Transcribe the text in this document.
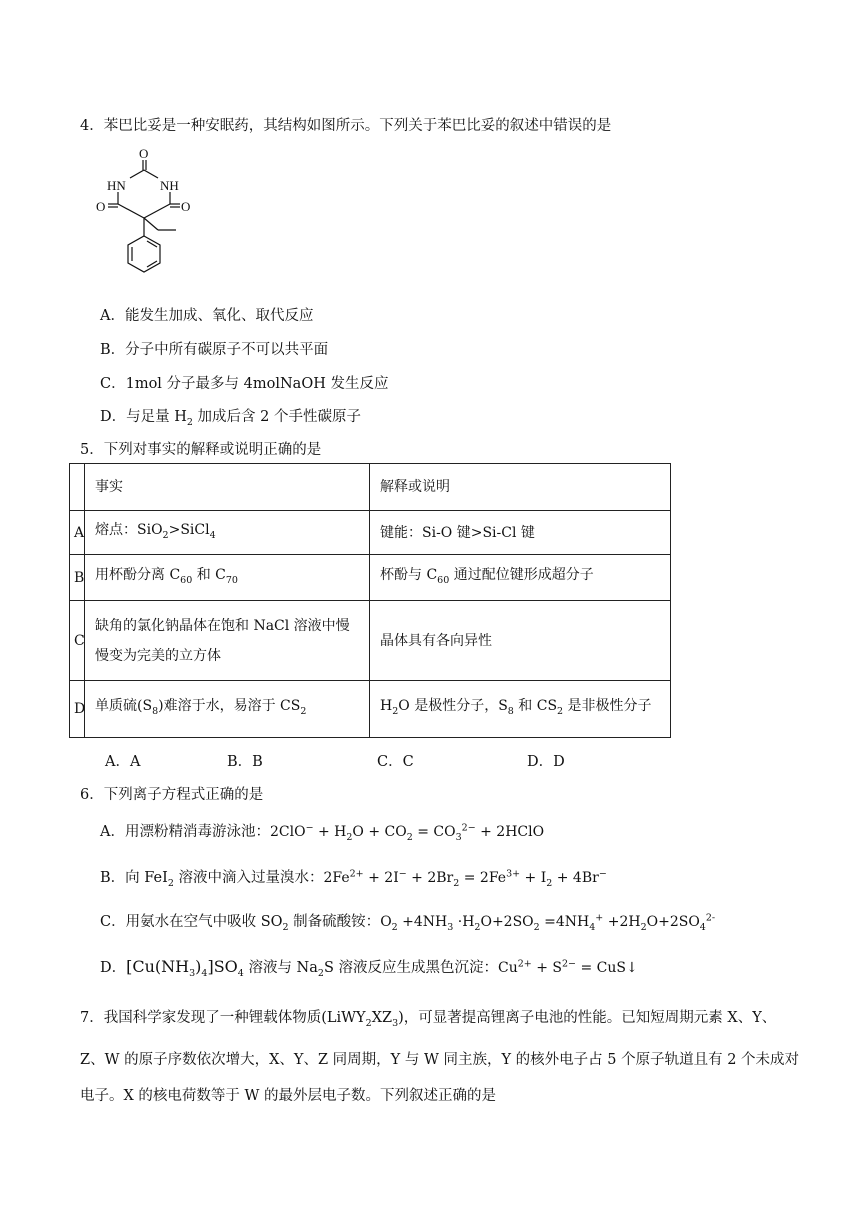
4．苯巴比妥是一种安眠药，其结构如图所示。下列关于苯巴比妥的叙述中错误的是
O
HN	NH
O	O
A．能发生加成、氧化、取代反应
B．分子中所有碳原子不可以共平面
C．1mol 分子最多与 4molNaOH 发生反应
D．与足量 $H_2$ 加成后含 2 个手性碳原子
5．下列对事实的解释或说明正确的是
	事实	解释或说明
A	熔点：SiO$_2$>SiCl$_4$	键能：Si-O 键>Si-Cl 键
B	用杯酚分离 $C_{60}$ 和 $C_{70}$	杯酚与 $C_{60}$ 通过配位键形成超分子
C	缺角的氯化钠晶体在饱和 NaCl 溶液中慢慢变为完美的立方体	晶体具有各向异性
D	单质硫$(S_8)$难溶于水，易溶于 $CS_2$	$H_2O$ 是极性分子，$S_8$ 和 $CS_2$ 是非极性分子
A．A	B．B	C．C	D．D
6．下列离子方程式正确的是
A．用漂粉精消毒游泳池：$2ClO^- + H_2O + CO_2 = CO_3^{2-}$ + 2HClO
B．向 FeI$_2$ 溶液中滴入过量溴水：$2Fe^{2+} + 2I^- + 2Br_2 = 2Fe^{3+} + I_2 + 4Br^-$
C．用氨水在空气中吸收 $SO_2$ 制备硫酸铵：$O_2 +4NH_3 \cdot H_2O+2SO_2 =4NH_4^+ +2H_2O+2SO_4^{2-}$
D．$[Cu(NH_3)_4]SO_4$ 溶液与 $Na_2S$ 溶液反应生成黑色沉淀：$Cu^{2+} + S^{2-}$ = CuS↓
7．我国科学家发现了一种锂载体物质$(LiWY_2XZ_3)$，可显著提高锂离子电池的性能。已知短周期元素 X、Y、Z、W 的原子序数依次增大，X、Y、Z 同周期，Y 与 W 同主族，Y 的核外电子占 5 个原子轨道且有 2 个未成对电子。X 的核电荷数等于 W 的最外层电子数。下列叙述正确的是
